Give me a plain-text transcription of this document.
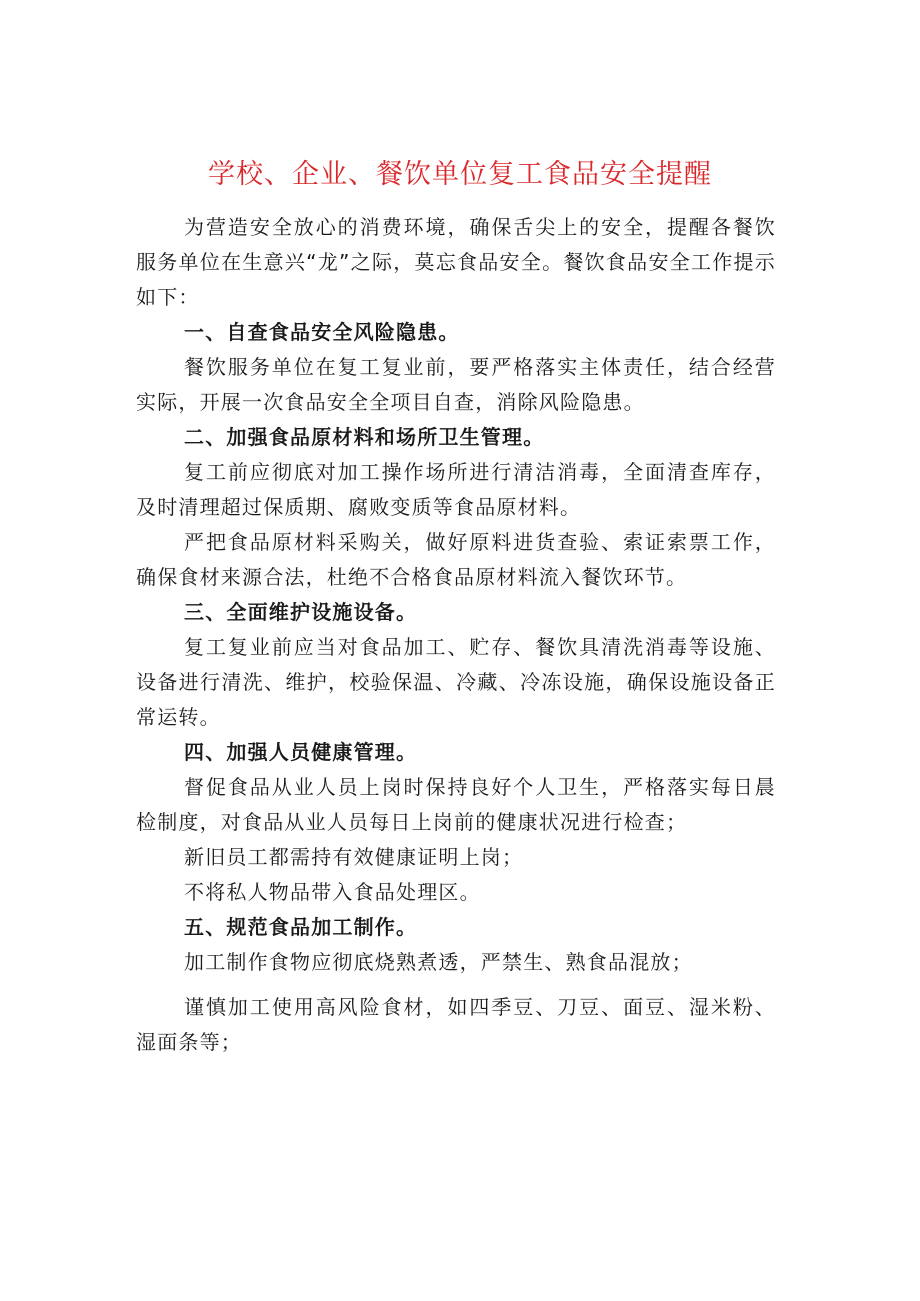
学校、企业、餐饮单位复工食品安全提醒

为营造安全放心的消费环境，确保舌尖上的安全，提醒各餐饮服务单位在生意兴“龙”之际，莫忘食品安全。餐饮食品安全工作提示如下：

一、自查食品安全风险隐患。

餐饮服务单位在复工复业前，要严格落实主体责任，结合经营实际，开展一次食品安全全项目自查，消除风险隐患。

二、加强食品原材料和场所卫生管理。

复工前应彻底对加工操作场所进行清洁消毒，全面清查库存，及时清理超过保质期、腐败变质等食品原材料。

严把食品原材料采购关，做好原料进货查验、索证索票工作，确保食材来源合法，杜绝不合格食品原材料流入餐饮环节。

三、全面维护设施设备。

复工复业前应当对食品加工、贮存、餐饮具清洗消毒等设施、设备进行清洗、维护，校验保温、冷藏、冷冻设施，确保设施设备正常运转。

四、加强人员健康管理。

督促食品从业人员上岗时保持良好个人卫生，严格落实每日晨检制度，对食品从业人员每日上岗前的健康状况进行检查；

新旧员工都需持有效健康证明上岗；

不将私人物品带入食品处理区。

五、规范食品加工制作。

加工制作食物应彻底烧熟煮透，严禁生、熟食品混放；

谨慎加工使用高风险食材，如四季豆、刀豆、面豆、湿米粉、湿面条等；
